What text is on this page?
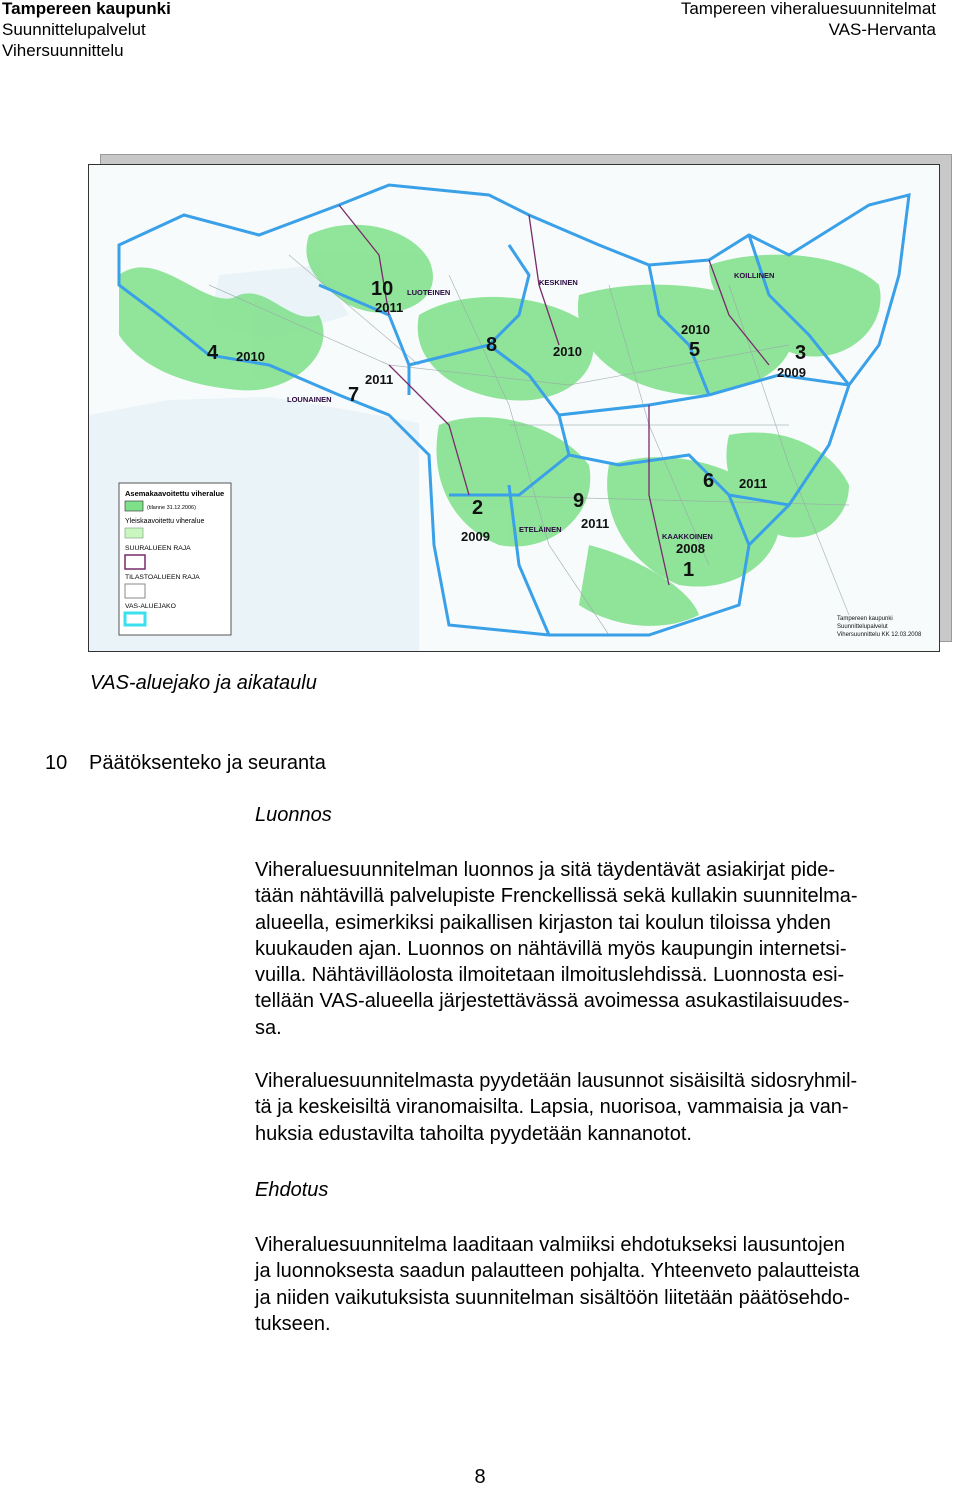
Tampereen kaupunki
Suunnittelupalvelut
Vihersuunnittelu
Tampereen viheraluesuunnitelmat
VAS-Hervanta
Asemakaavoitettu viheralue
(tilanne 31.12.2006)
Yleiskaavoitettu viheralue
SUURALUEEN RAJA
TILASTOALUEEN RAJA
VAS-ALUEJAKO
LUOTEINEN
KESKINEN
KOILLINEN
LOUNAINEN
ETELÄINEN
KAAKKOINEN
10
2011
4 2010
7
2011
8	2010	5
2010
3
2009
2
2009
9
2011
6 2011
1
2008
Tampereen kaupunki
Suunnittelupalvelut
Vihersuunnittelu KK 12.03.2008
VAS-aluejako ja aikataulu
10 Päätöksenteko ja seuranta
Luonnos
Viheraluesuunnitelman luonnos ja sitä täydentävät asiakirjat pide-
tään nähtävillä palvelupiste Frenckellissä sekä kullakin suunnitelma-
alueella, esimerkiksi paikallisen kirjaston tai koulun tiloissa yhden
kuukauden ajan. Luonnos on nähtävillä myös kaupungin internetsi-
vuilla. Nähtävilläolosta ilmoitetaan ilmoituslehdissä. Luonnosta esi-
tellään VAS-alueella järjestettävässä avoimessa asukastilaisuudes-
sa.
Viheraluesuunnitelmasta pyydetään lausunnot sisäisiltä sidosryhmil-
tä ja keskeisiltä viranomaisilta. Lapsia, nuorisoa, vammaisia ja van-
huksia edustavilta tahoilta pyydetään kannanotot.
Ehdotus
Viheraluesuunnitelma laaditaan valmiiksi ehdotukseksi lausuntojen
ja luonnoksesta saadun palautteen pohjalta. Yhteenveto palautteista
ja niiden vaikutuksista suunnitelman sisältöön liitetään päätösehdo-
tukseen.
8
